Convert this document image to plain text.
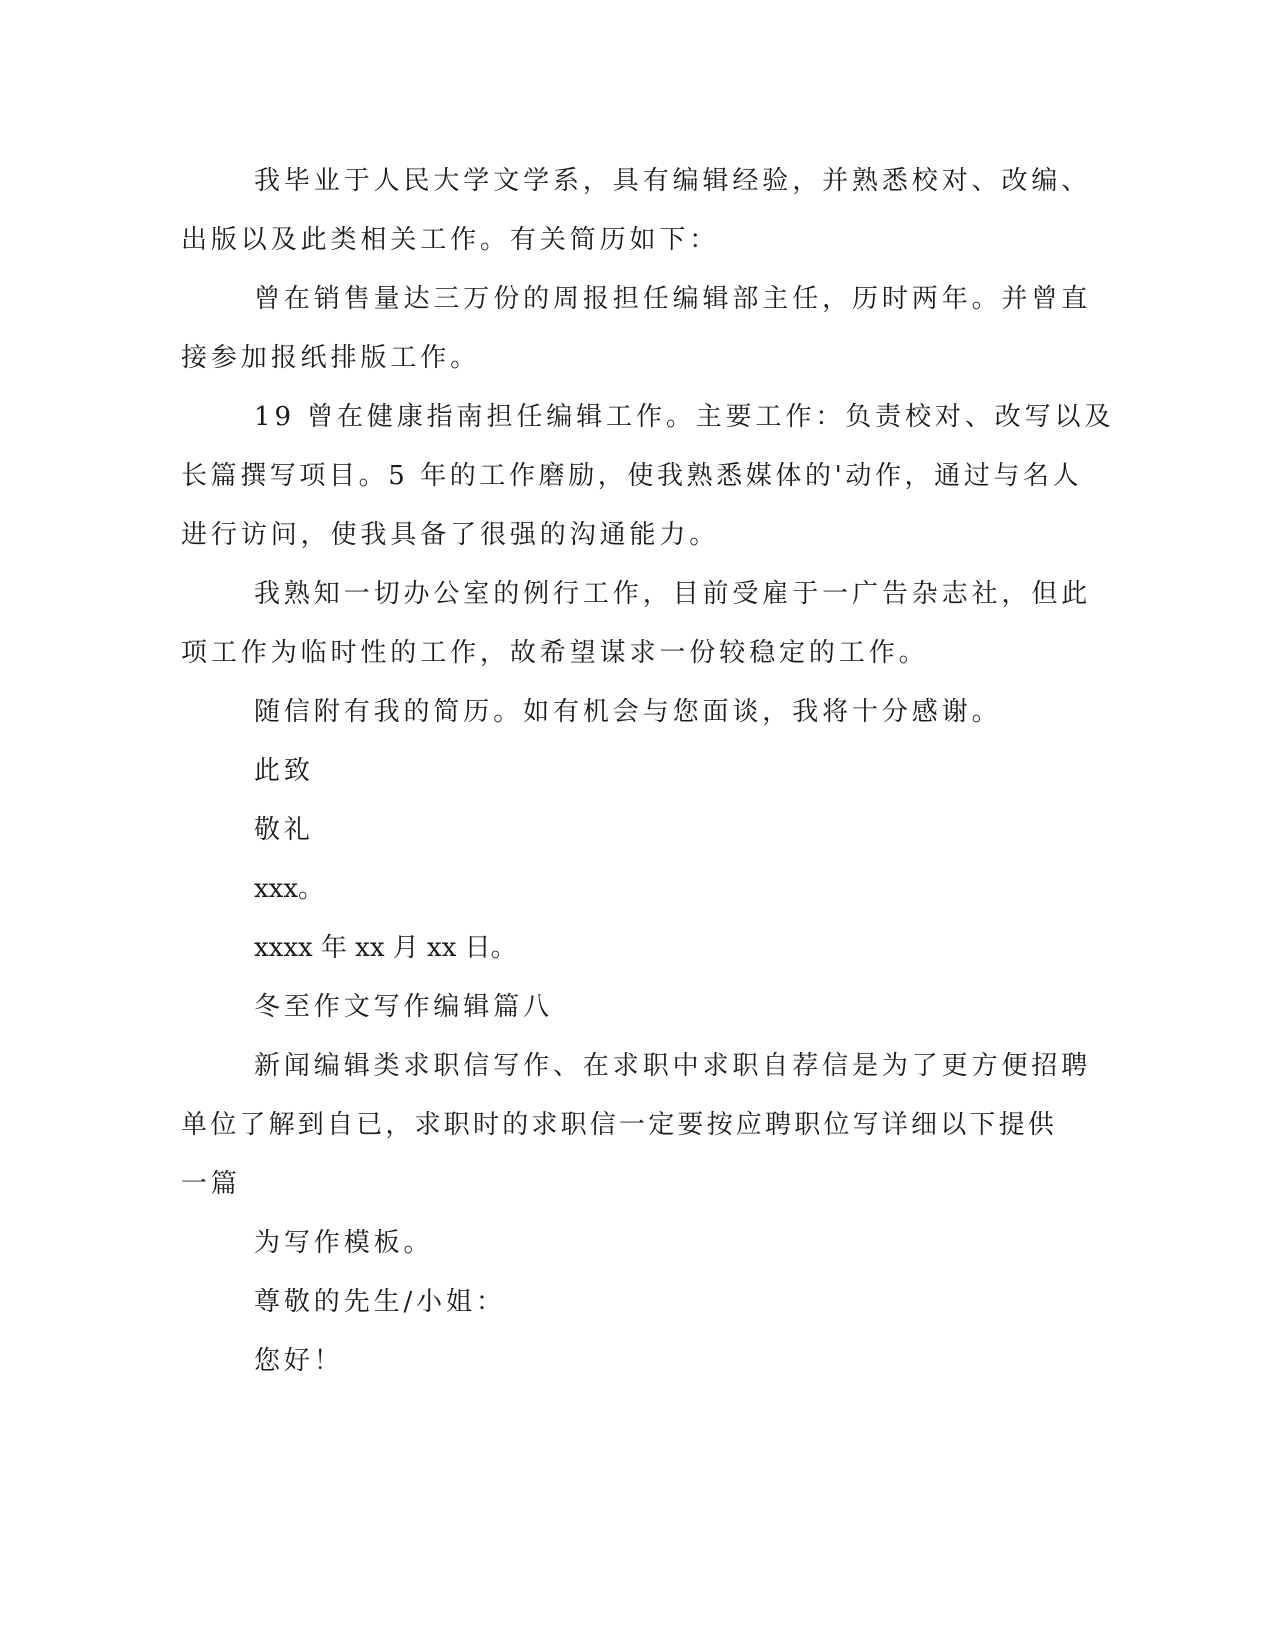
我毕业于人民大学文学系，具有编辑经验，并熟悉校对、改编、

出版以及此类相关工作。有关简历如下：

曾在销售量达三万份的周报担任编辑部主任，历时两年。并曾直

接参加报纸排版工作。

19 曾在健康指南担任编辑工作。主要工作：负责校对、改写以及

长篇撰写项目。5 年的工作磨励，使我熟悉媒体的'动作，通过与名人

进行访问，使我具备了很强的沟通能力。

我熟知一切办公室的例行工作，目前受雇于一广告杂志社，但此

项工作为临时性的工作，故希望谋求一份较稳定的工作。

随信附有我的简历。如有机会与您面谈，我将十分感谢。

此致

敬礼

xxx。

xxxx 年 xx 月 xx 日。

冬至作文写作编辑篇八

新闻编辑类求职信写作、在求职中求职自荐信是为了更方便招聘

单位了解到自已，求职时的求职信一定要按应聘职位写详细以下提供

一篇

为写作模板。

尊敬的先生/小姐：

您好！
